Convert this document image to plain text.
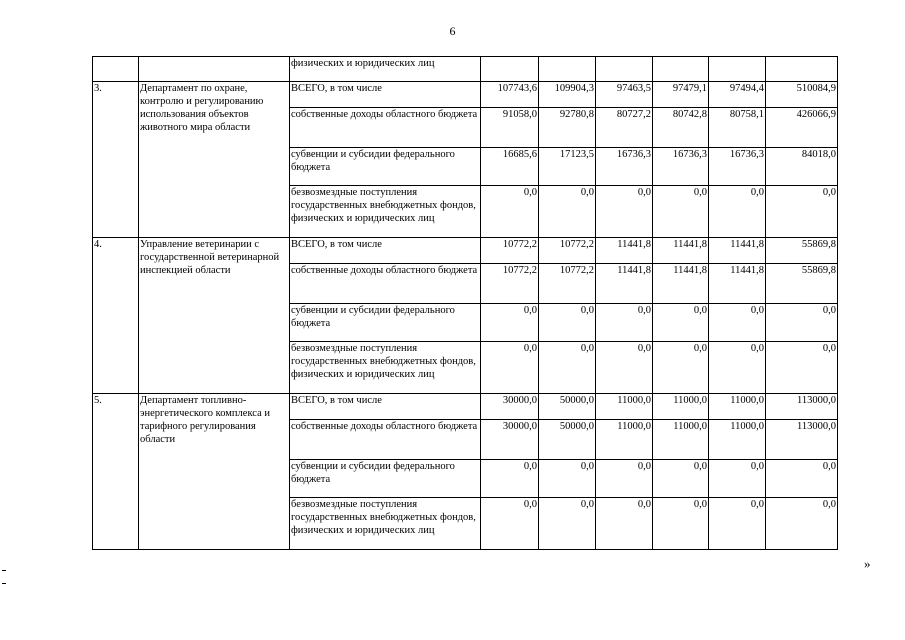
6
		физических и юридических лиц						
3.	Департамент по охране, контролю и регулированию использования объектов животного мира области	ВСЕГО, в том числе	107743,6	109904,3	97463,5	97479,1	97494,4	510084,9
		собственные доходы областного бюджета	91058,0	92780,8	80727,2	80742,8	80758,1	426066,9
		субвенции и субсидии федерального бюджета	16685,6	17123,5	16736,3	16736,3	16736,3	84018,0
		безвозмездные поступления государственных внебюджетных фондов, физических и юридических лиц	0,0	0,0	0,0	0,0	0,0	0,0
4.	Управление ветеринарии с государственной ветеринарной инспекцией области	ВСЕГО, в том числе	10772,2	10772,2	11441,8	11441,8	11441,8	55869,8
		собственные доходы областного бюджета	10772,2	10772,2	11441,8	11441,8	11441,8	55869,8
		субвенции и субсидии федерального бюджета	0,0	0,0	0,0	0,0	0,0	0,0
		безвозмездные поступления государственных внебюджетных фондов, физических и юридических лиц	0,0	0,0	0,0	0,0	0,0	0,0
5.	Департамент топливно-энергетического комплекса и тарифного регулирования области	ВСЕГО, в том числе	30000,0	50000,0	11000,0	11000,0	11000,0	113000,0
		собственные доходы областного бюджета	30000,0	50000,0	11000,0	11000,0	11000,0	113000,0
		субвенции и субсидии федерального бюджета	0,0	0,0	0,0	0,0	0,0	0,0
		безвозмездные поступления государственных внебюджетных фондов, физических и юридических лиц	0,0	0,0	0,0	0,0	0,0	0,0
»
